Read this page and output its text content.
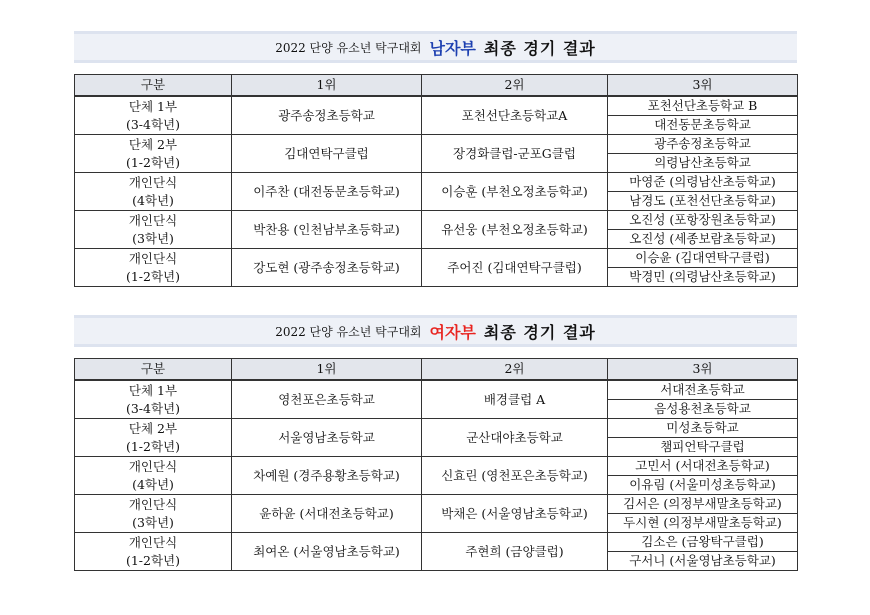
2022 단양 유소년 탁구대회 남자부 최종 경기 결과
구분	1위	2위	3위

단체 1부
(3-4학년)	광주송정초등학교	포천선단초등학교A	포천선단초등학교 B
			대전동문초등학교

단체 2부
(1-2학년)	김대연탁구클럽	장경화클럽-군포G클럽	광주송정초등학교
			의령남산초등학교

개인단식
(4학년)	이주찬 (대전동문초등학교)	이승훈 (부천오정초등학교)	마영준 (의령남산초등학교)
			남경도 (포천선단초등학교)

개인단식
(3학년)	박찬용 (인천남부초등학교)	유선웅 (부천오정초등학교)	오진성 (포항장원초등학교)
			오진성 (세종보람초등학교)

개인단식
(1-2학년)	강도현 (광주송정초등학교)	주어진 (김대연탁구클럽)	이승윤 (김대연탁구클럽)
			박경민 (의령남산초등학교)
2022 단양 유소년 탁구대회 여자부 최종 경기 결과
구분	1위	2위	3위

단체 1부
(3-4학년)	영천포은초등학교	배경클럽 A	서대전초등학교
			음성용천초등학교

단체 2부
(1-2학년)	서울영남초등학교	군산대야초등학교	미성초등학교
			챔피언탁구클럽

개인단식
(4학년)	차예원 (경주용황초등학교)	신효린 (영천포은초등학교)	고민서 (서대전초등학교)
			이유림 (서울미성초등학교)

개인단식
(3학년)	윤하윤 (서대전초등학교)	박채은 (서울영남초등학교)	김서은 (의정부새말초등학교)
			두시현 (의정부새말초등학교)

개인단식
(1-2학년)	최여온 (서울영남초등학교)	주현희 (금양클럽)	김소은 (금왕탁구클럽)
			구서니 (서울영남초등학교)
